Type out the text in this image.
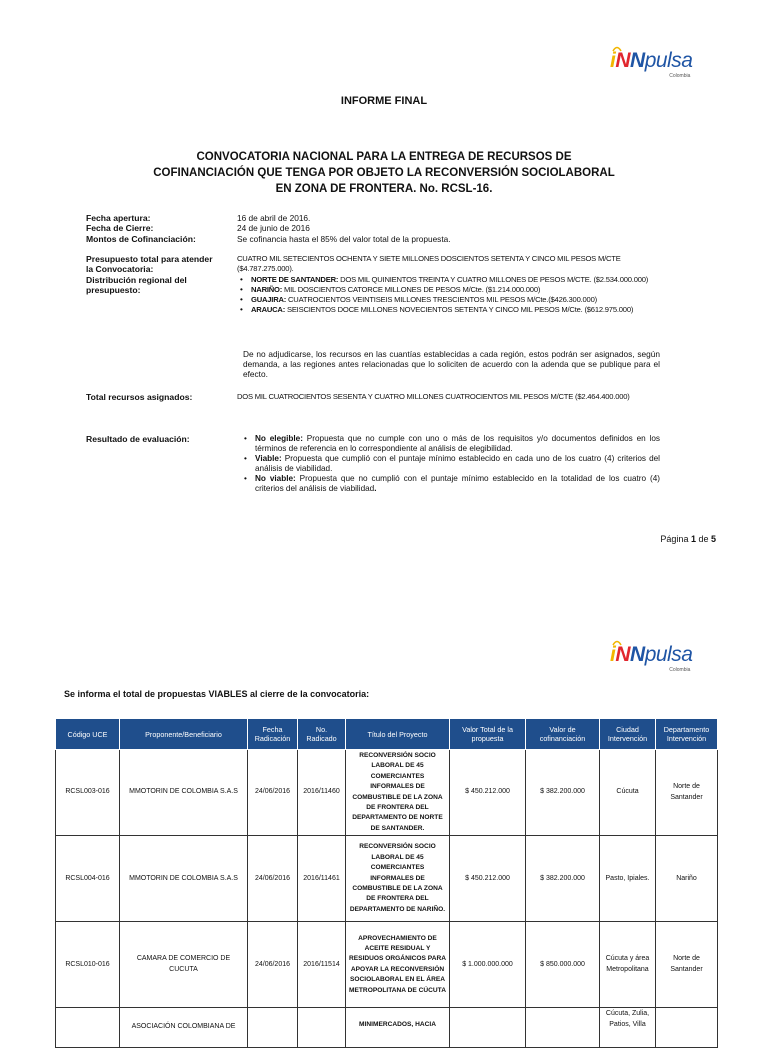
iNNpulsa
Colombia
INFORME FINAL
CONVOCATORIA NACIONAL PARA LA ENTREGA DE RECURSOS DE
COFINANCIACIÓN QUE TENGA POR OBJETO LA RECONVERSIÓN SOCIOLABORAL
EN ZONA DE FRONTERA. No. RCSL-16.
Fecha apertura:	16 de abril de 2016.
Fecha de Cierre:	24 de junio de 2016
Montos de Cofinanciación:	Se cofinancia hasta el 85% del valor total de la propuesta.
Presupuesto total para atender
la Convocatoria:
CUATRO MIL SETECIENTOS OCHENTA Y SIETE MILLONES DOSCIENTOS SETENTA Y CINCO MIL PESOS M/CTE ($4.787.275.000).
Distribución regional del
presupuesto:
• NORTE DE SANTANDER: DOS MIL QUINIENTOS TREINTA Y CUATRO MILLONES DE PESOS M/CTE. ($2.534.000.000)
• NARIÑO: MIL DOSCIENTOS CATORCE MILLONES DE PESOS M/Cte. ($1.214.000.000)
• GUAJIRA: CUATROCIENTOS VEINTISEIS MILLONES TRESCIENTOS MIL PESOS M/Cte.($426.300.000)
• ARAUCA: SEISCIENTOS DOCE MILLONES NOVECIENTOS SETENTA Y CINCO MIL PESOS M/Cte. ($612.975.000)
De no adjudicarse, los recursos en las cuantías establecidas a cada región, estos podrán ser asignados, según demanda, a las regiones antes relacionadas que lo soliciten de acuerdo con la adenda que se publique para el efecto.
Total recursos asignados:	DOS MIL CUATROCIENTOS SESENTA Y CUATRO MILLONES CUATROCIENTOS MIL PESOS M/CTE ($2.464.400.000)
Resultado de evaluación:	• No elegible: Propuesta que no cumple con uno o más de los requisitos y/o documentos definidos en los términos de referencia en lo correspondiente al análisis de elegibilidad.
• Viable: Propuesta que cumplió con el puntaje mínimo establecido en cada uno de los cuatro (4) criterios del análisis de viabilidad.
• No viable: Propuesta que no cumplió con el puntaje mínimo establecido en la totalidad de los cuatro (4) criterios del análisis de viabilidad.
Página 1 de 5
iNNpulsa
Colombia
Se informa el total de propuestas VIABLES al cierre de la convocatoria:
Código UCE	Proponente/Beneficiario	Fecha Radicación	No. Radicado	Título del Proyecto	Valor Total de la propuesta	Valor de cofinanciación	Ciudad Intervención	Departamento Intervención
RCSL003-016	MMOTORIN DE COLOMBIA S.A.S	24/06/2016	2016/11460	RECONVERSIÓN SOCIO LABORAL DE 45 COMERCIANTES INFORMALES DE COMBUSTIBLE DE LA ZONA DE FRONTERA DEL DEPARTAMENTO DE NORTE DE SANTANDER.	$ 450.212.000	$ 382.200.000	Cúcuta	Norte de Santander
RCSL004-016	MMOTORIN DE COLOMBIA S.A.S	24/06/2016	2016/11461	RECONVERSIÓN SOCIO LABORAL DE 45 COMERCIANTES INFORMALES DE COMBUSTIBLE DE LA ZONA DE FRONTERA DEL DEPARTAMENTO DE NARIÑO.	$ 450.212.000	$ 382.200.000	Pasto, Ipiales.	Nariño
RCSL010-016	CAMARA DE COMERCIO DE CUCUTA	24/06/2016	2016/11514	APROVECHAMIENTO DE ACEITE RESIDUAL Y RESIDUOS ORGÁNICOS PARA APOYAR LA RECONVERSIÓN SOCIOLABORAL EN EL ÁREA METROPOLITANA DE CÚCUTA	$ 1.000.000.000	$ 850.000.000	Cúcuta y área Metropolitana	Norte de Santander
	ASOCIACIÓN COLOMBIANA DE			MINIMERCADOS, HACIA			Cúcuta, Zulia, Patios, Villa	
